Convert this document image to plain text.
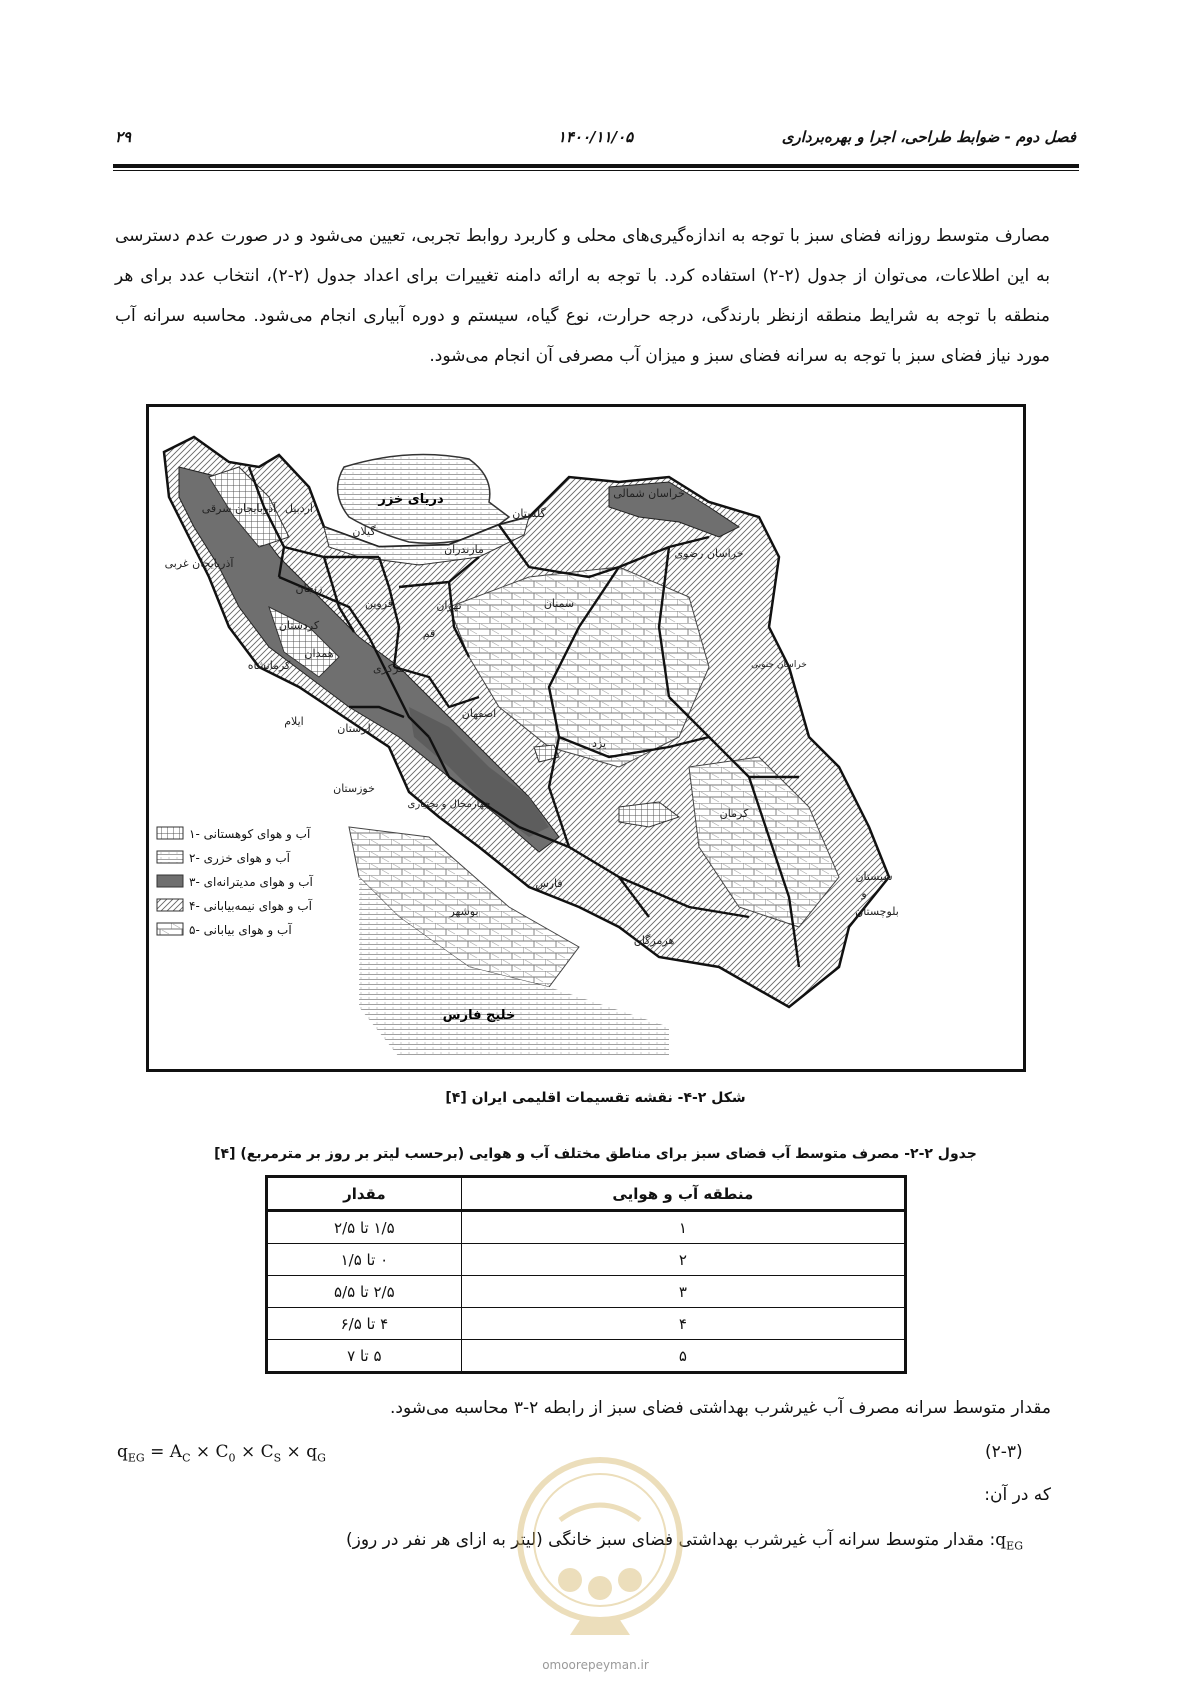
فصل دوم - ضوابط طراحی، اجرا و بهره‌برداری
۱۴۰۰/۱۱/۰۵
۲۹
مصارف متوسط روزانه فضای سبز با توجه به اندازه‌گیری‌های محلی و کاربرد روابط تجربی، تعیین می‌شود و در صورت عدم دسترسی به این اطلاعات، می‌توان از جدول (۲-۲) استفاده کرد. با توجه به ارائه دامنه تغییرات برای اعداد جدول (۲-۲)، انتخاب عدد برای هر منطقه با توجه به شرایط منطقه ازنظر بارندگی، درجه حرارت، نوع گیاه، سیستم و دوره آبیاری انجام می‌شود. محاسبه سرانه آب مورد نیاز فضای سبز با توجه به سرانه فضای سبز و میزان آب مصرفی آن انجام می‌شود.
دریای خزر
خلیج فارس
اردبیل
آذربایجان شرقی
آذربایجان غربی
زنجان
گیلان
مازندران
گلستان
خراسان شمالی
خراسان رضوی
قزوین	تهران	سمنان
کردستان
همدان
قم
مرکزی
کرمانشاه
لرستان
ایلام
اصفهان
یزد
خراسان جنوبی
خوزستان
چهارمحال و بختیاری
کرمان
فارس
بوشهر
هرمزگان
سیستان
و
بلوچستان
۱- آب و هوای کوهستانی
۲- آب و هوای خزری
۳- آب و هوای مدیترانه‌ای
۴- آب و هوای نیمه‌بیابانی
۵- آب و هوای بیابانی
شکل ۲-۴- نقشه تقسیمات اقلیمی ایران [۴]
جدول ۲-۲- مصرف متوسط آب فضای سبز برای مناطق مختلف آب و هوایی (برحسب لیتر بر روز بر مترمربع) [۴]
منطقه آب و هوایی	مقدار
۱	۱/۵ تا ۲/۵
۲	۰ تا ۱/۵
۳	۲/۵ تا ۵/۵
۴	۴ تا ۶/۵
۵	۵ تا ۷
مقدار متوسط سرانه مصرف آب غیرشرب بهداشتی فضای سبز از رابطه ۲-۳ محاسبه می‌شود.
$q_{EG} = A_C \times C_0 \times C_S \times q_G$	(۲-۳)
که در آن:
$q_{EG}$: مقدار متوسط سرانه آب غیرشرب بهداشتی فضای سبز خانگی (لیتر به ازای هر نفر در روز)
omoorepeyman.ir
